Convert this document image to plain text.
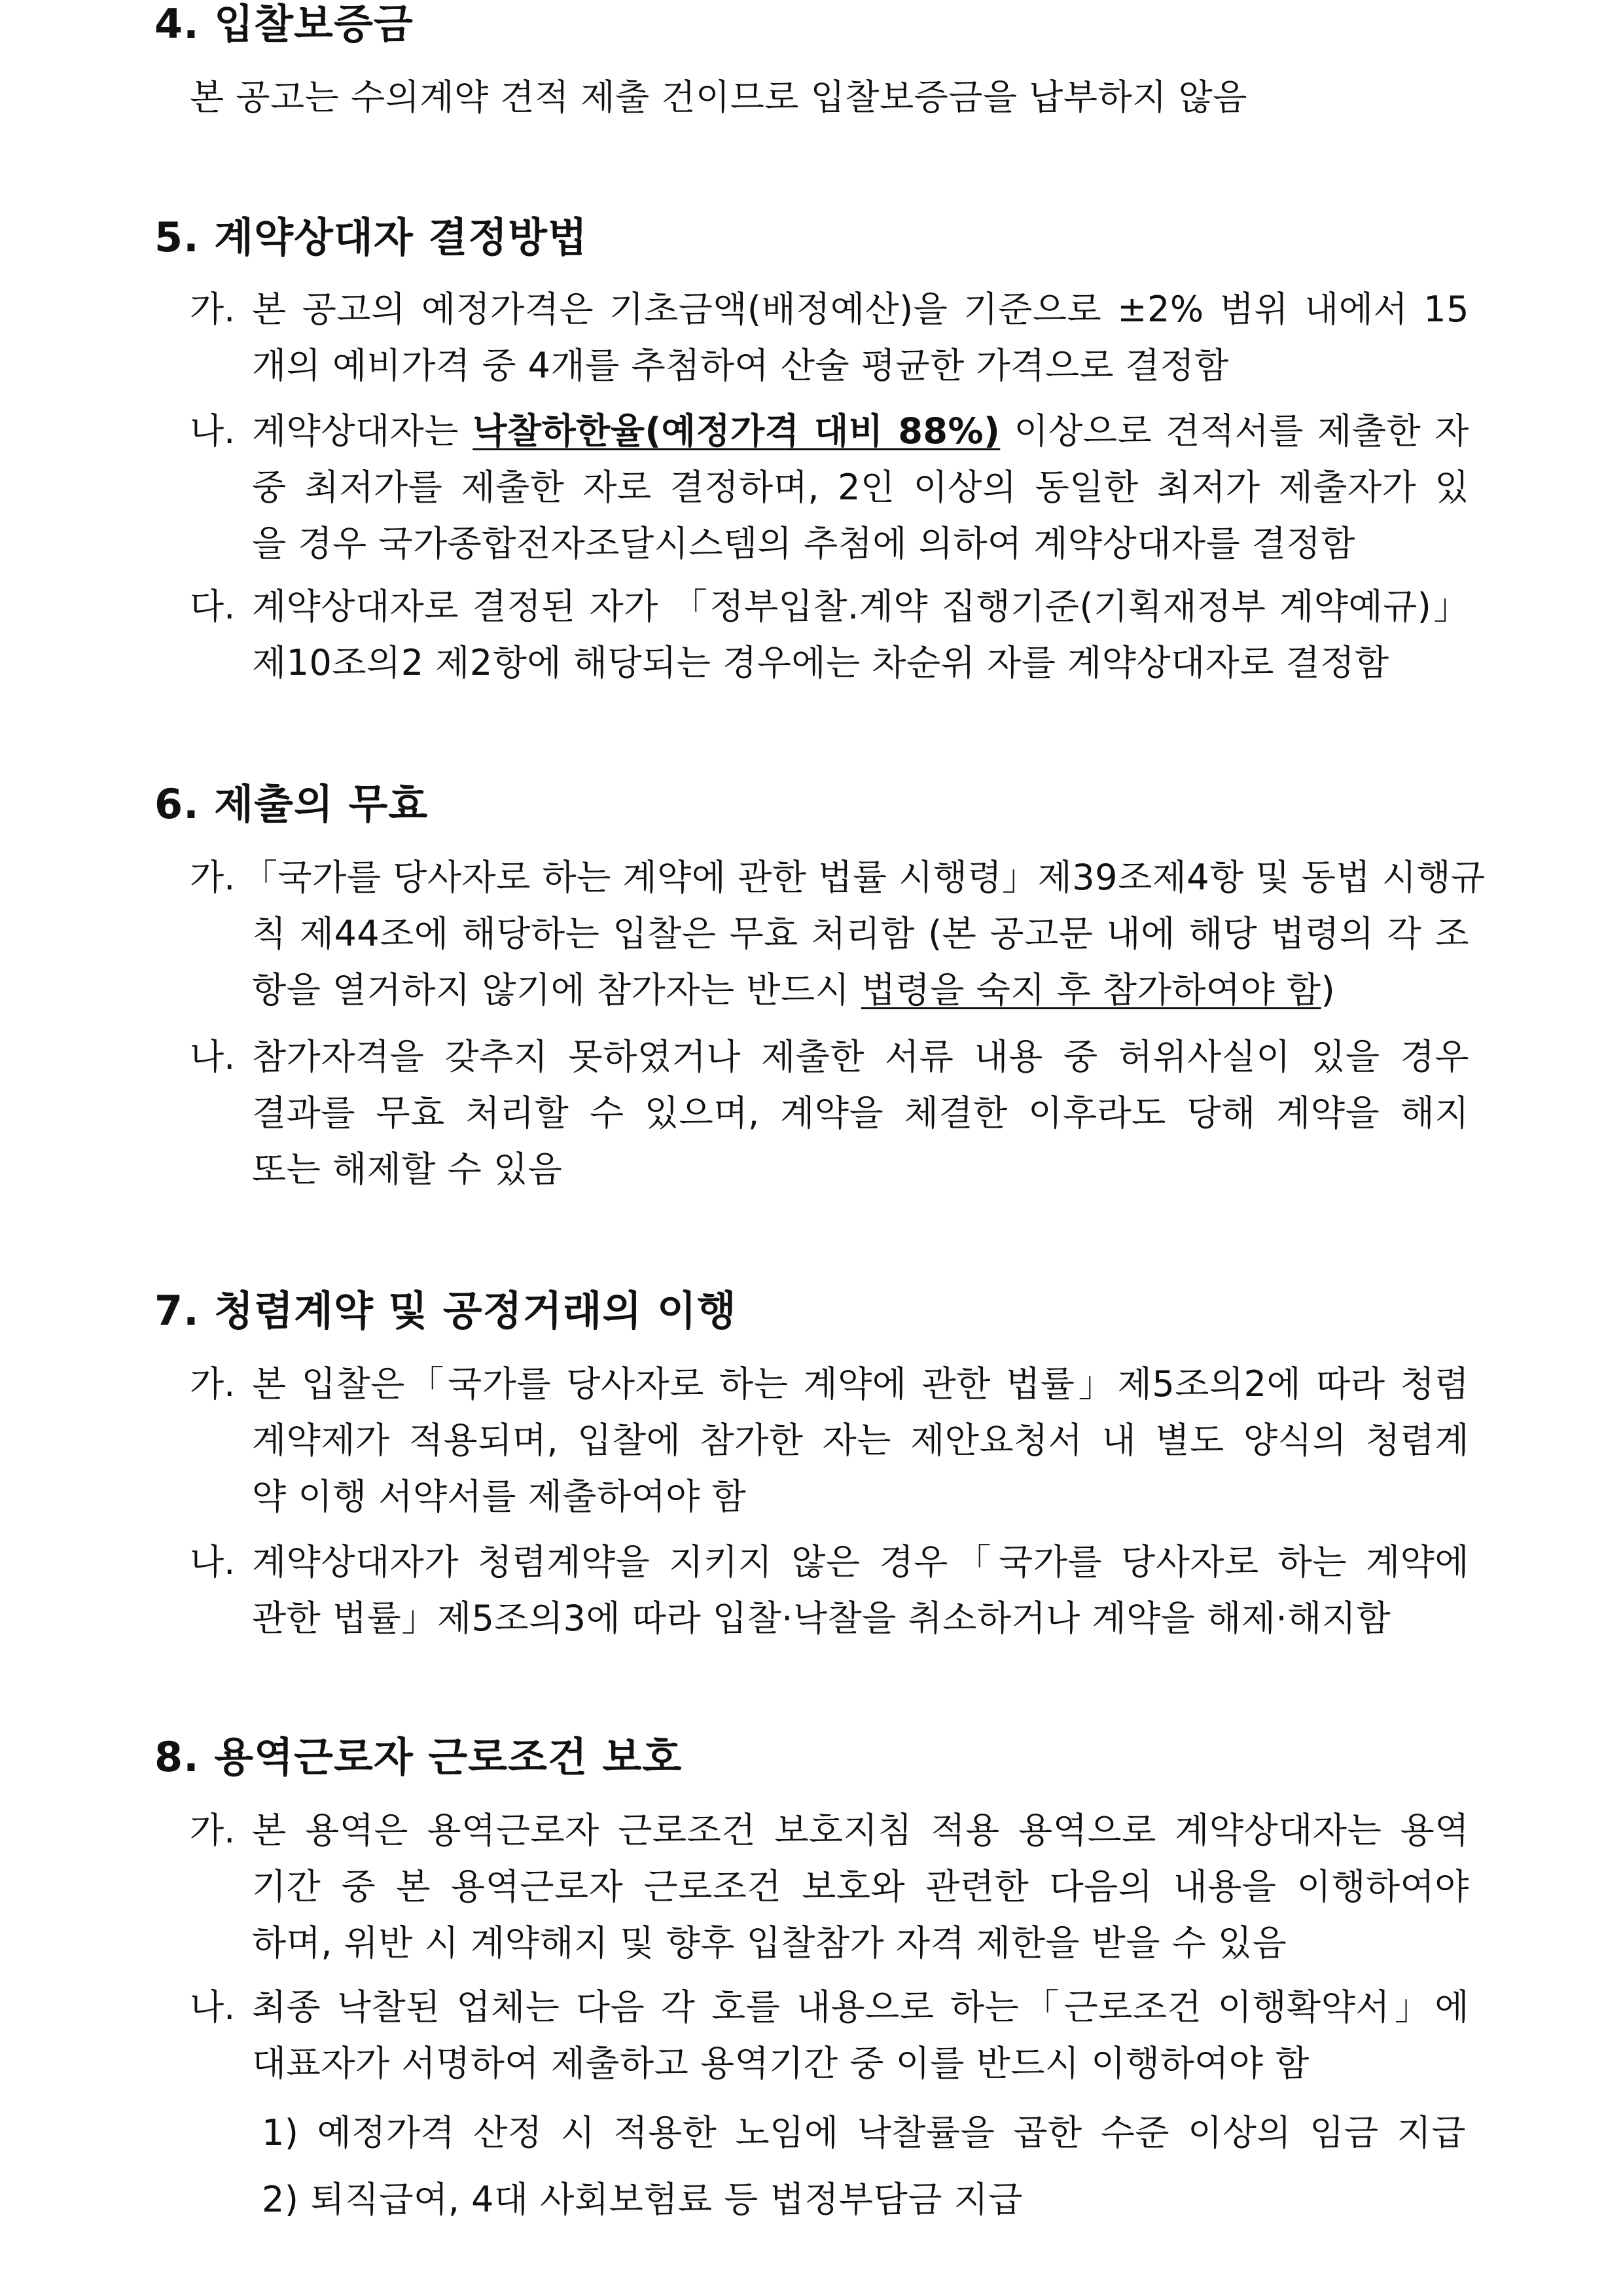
4. 입찰보증금
본 공고는 수의계약 견적 제출 건이므로 입찰보증금을 납부하지 않음
5. 계약상대자 결정방법
가. 본 공고의 예정가격은 기초금액(배정예산)을 기준으로 ±2% 범위 내에서 15
개의 예비가격 중 4개를 추첨하여 산술 평균한 가격으로 결정함
나. 계약상대자는 낙찰하한율(예정가격 대비 88%) 이상으로 견적서를 제출한 자
중 최저가를 제출한 자로 결정하며, 2인 이상의 동일한 최저가 제출자가 있
을 경우 국가종합전자조달시스템의 추첨에 의하여 계약상대자를 결정함
다. 계약상대자로 결정된 자가 「정부입찰.계약 집행기준(기획재정부 계약예규)」
제10조의2 제2항에 해당되는 경우에는 차순위 자를 계약상대자로 결정함
6. 제출의 무효
가. 「국가를 당사자로 하는 계약에 관한 법률 시행령」제39조제4항 및 동법 시행규
칙 제44조에 해당하는 입찰은 무효 처리함 (본 공고문 내에 해당 법령의 각 조
항을 열거하지 않기에 참가자는 반드시 법령을 숙지 후 참가하여야 함)
나. 참가자격을 갖추지 못하였거나 제출한 서류 내용 중 허위사실이 있을 경우
결과를 무효 처리할 수 있으며, 계약을 체결한 이후라도 당해 계약을 해지
또는 해제할 수 있음
7. 청렴계약 및 공정거래의 이행
가. 본 입찰은「국가를 당사자로 하는 계약에 관한 법률」제5조의2에 따라 청렴
계약제가 적용되며, 입찰에 참가한 자는 제안요청서 내 별도 양식의 청렴계
약 이행 서약서를 제출하여야 함
나. 계약상대자가 청렴계약을 지키지 않은 경우「국가를 당사자로 하는 계약에
관한 법률」제5조의3에 따라 입찰·낙찰을 취소하거나 계약을 해제·해지함
8. 용역근로자 근로조건 보호
가. 본 용역은 용역근로자 근로조건 보호지침 적용 용역으로 계약상대자는 용역
기간 중 본 용역근로자 근로조건 보호와 관련한 다음의 내용을 이행하여야
하며, 위반 시 계약해지 및 향후 입찰참가 자격 제한을 받을 수 있음
나. 최종 낙찰된 업체는 다음 각 호를 내용으로 하는「근로조건 이행확약서」에
대표자가 서명하여 제출하고 용역기간 중 이를 반드시 이행하여야 함
1) 예정가격 산정 시 적용한 노임에 낙찰률을 곱한 수준 이상의 임금 지급
2) 퇴직급여, 4대 사회보험료 등 법정부담금 지급
